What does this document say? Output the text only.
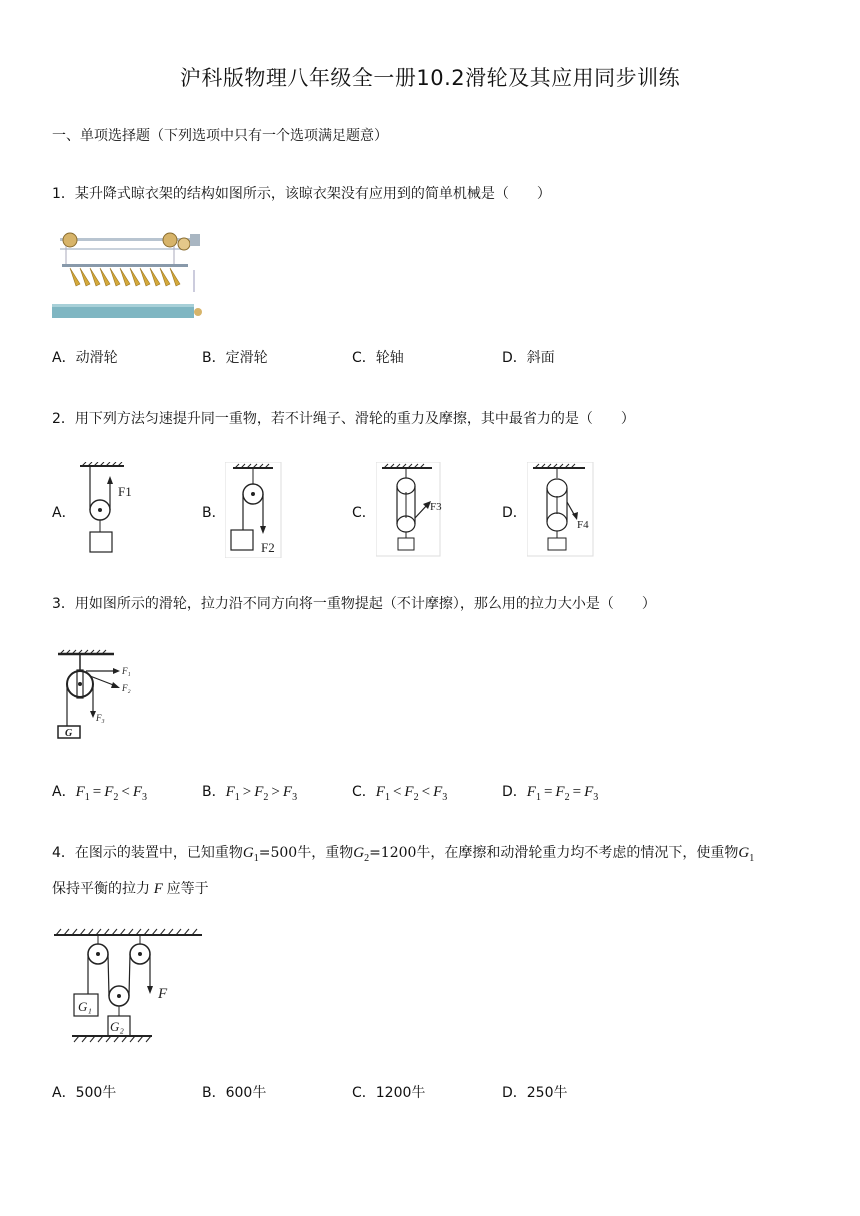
沪科版物理八年级全一册10.2滑轮及其应用同步训练
一、单项选择题（下列选项中只有一个选项满足题意）
1．某升降式晾衣架的结构如图所示，该晾衣架没有应用到的简单机械是（　　）
A．动滑轮	B．定滑轮	C．轮轴	D．斜面
2．用下列方法匀速提升同一重物，若不计绳子、滑轮的重力及摩擦，其中最省力的是（　　）
A．	B．	C．	D．
F1
F2
F3
F4
3．用如图所示的滑轮，拉力沿不同方向将一重物提起（不计摩擦），那么用的拉力大小是（　　）
F₁
F₂
F₃
G
A．$F_1 = F_2 < F_3$	B．$F_1 > F_2 > F_3$	C．$F_1 < F_2 < F_3$	D．$F_1 = F_2 = F_3$
4．在图示的装置中，已知重物$G_1=500$牛，重物$G_2=1200$牛，在摩擦和动滑轮重力均不考虑的情况下，使重物$G_1$
保持平衡的拉力 F 应等于
F
G₁
G₂
A．500牛	B．600牛	C．1200牛	D．250牛
